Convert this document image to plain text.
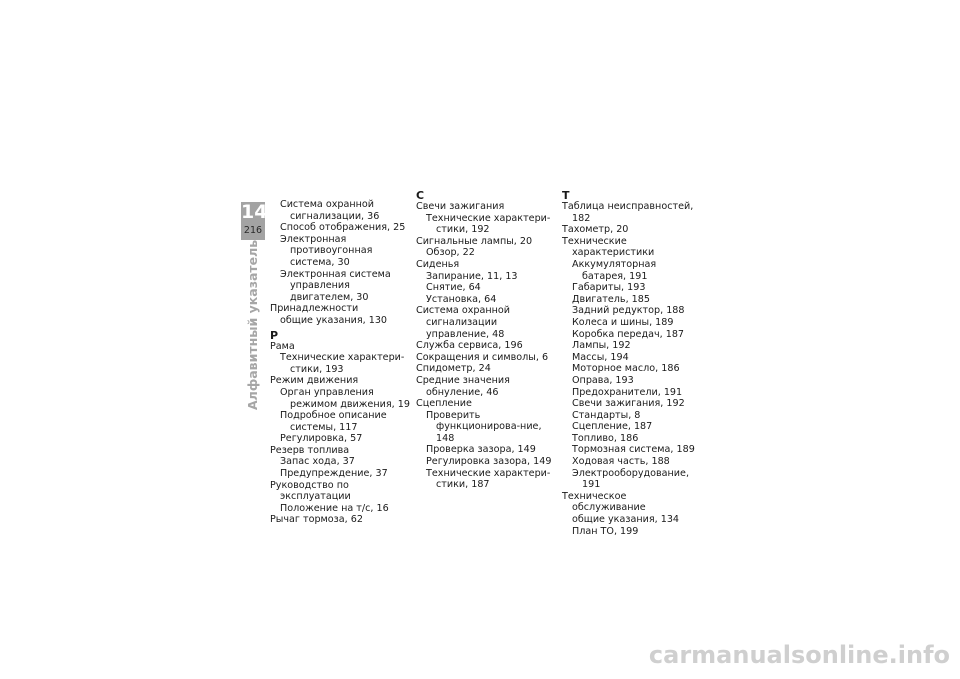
14
216
Алфавитный указатель
Система охранной сигнализации, 36
Способ отображения, 25
Электронная противоугонная система, 30
Электронная система управления двигателем, 30
Принадлежности
общие указания, 130
Р
Рама
Технические характери-стики, 193
Режим движения
Орган управления режимом движения, 19
Подробное описание системы, 117
Регулировка, 57
Резерв топлива
Запас хода, 37
Предупреждение, 37
Руководство по эксплуатации
Положение на т/с, 16
Рычаг тормоза, 62
С
Свечи зажигания
Технические характери-стики, 192
Сигнальные лампы, 20
Обзор, 22
Сиденья
Запирание, 11, 13
Снятие, 64
Установка, 64
Система охранной сигнализации
управление, 48
Служба сервиса, 196
Сокращения и символы, 6
Спидометр, 24
Средние значения
обнуление, 46
Сцепление
Проверить функционирова-ние, 148
Проверка зазора, 149
Регулировка зазора, 149
Технические характери-стики, 187
Т
Таблица неисправностей, 182
Тахометр, 20
Технические характеристики
Аккумуляторная батарея, 191
Габариты, 193
Двигатель, 185
Задний редуктор, 188
Колеса и шины, 189
Коробка передач, 187
Лампы, 192
Массы, 194
Моторное масло, 186
Оправа, 193
Предохранители, 191
Свечи зажигания, 192
Стандарты, 8
Сцепление, 187
Топливо, 186
Тормозная система, 189
Ходовая часть, 188
Электрооборудование, 191
Техническое обслуживание
общие указания, 134
План ТО, 199
carmanualsonline.info
